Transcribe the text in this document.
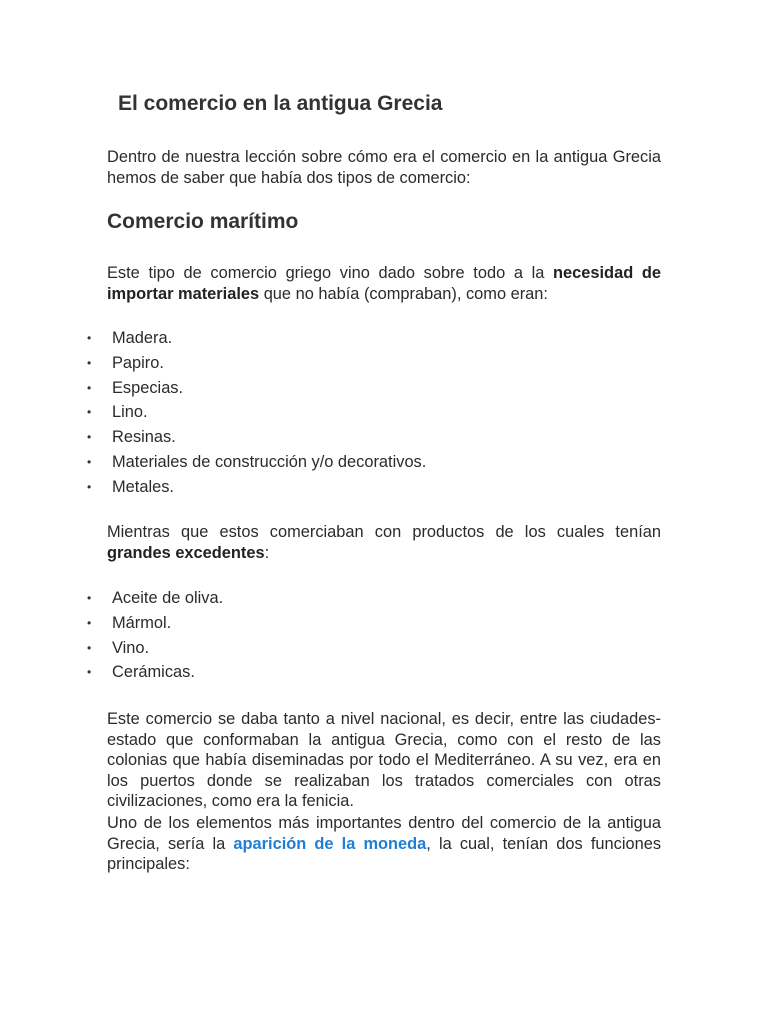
El comercio en la antigua Grecia

Dentro de nuestra lección sobre cómo era el comercio en la antigua Grecia hemos de saber que había dos tipos de comercio:

Comercio marítimo

Este tipo de comercio griego vino dado sobre todo a la necesidad de importar materiales que no había (compraban), como eran:

• Madera.
• Papiro.
• Especias.
• Lino.
• Resinas.
• Materiales de construcción y/o decorativos.
• Metales.

Mientras que estos comerciaban con productos de los cuales tenían grandes excedentes:

• Aceite de oliva.
• Mármol.
• Vino.
• Cerámicas.

Este comercio se daba tanto a nivel nacional, es decir, entre las ciudades-estado que conformaban la antigua Grecia, como con el resto de las colonias que había diseminadas por todo el Mediterráneo. A su vez, era en los puertos donde se realizaban los tratados comerciales con otras civilizaciones, como era la fenicia.

Uno de los elementos más importantes dentro del comercio de la antigua Grecia, sería la aparición de la moneda, la cual, tenían dos funciones principales:
